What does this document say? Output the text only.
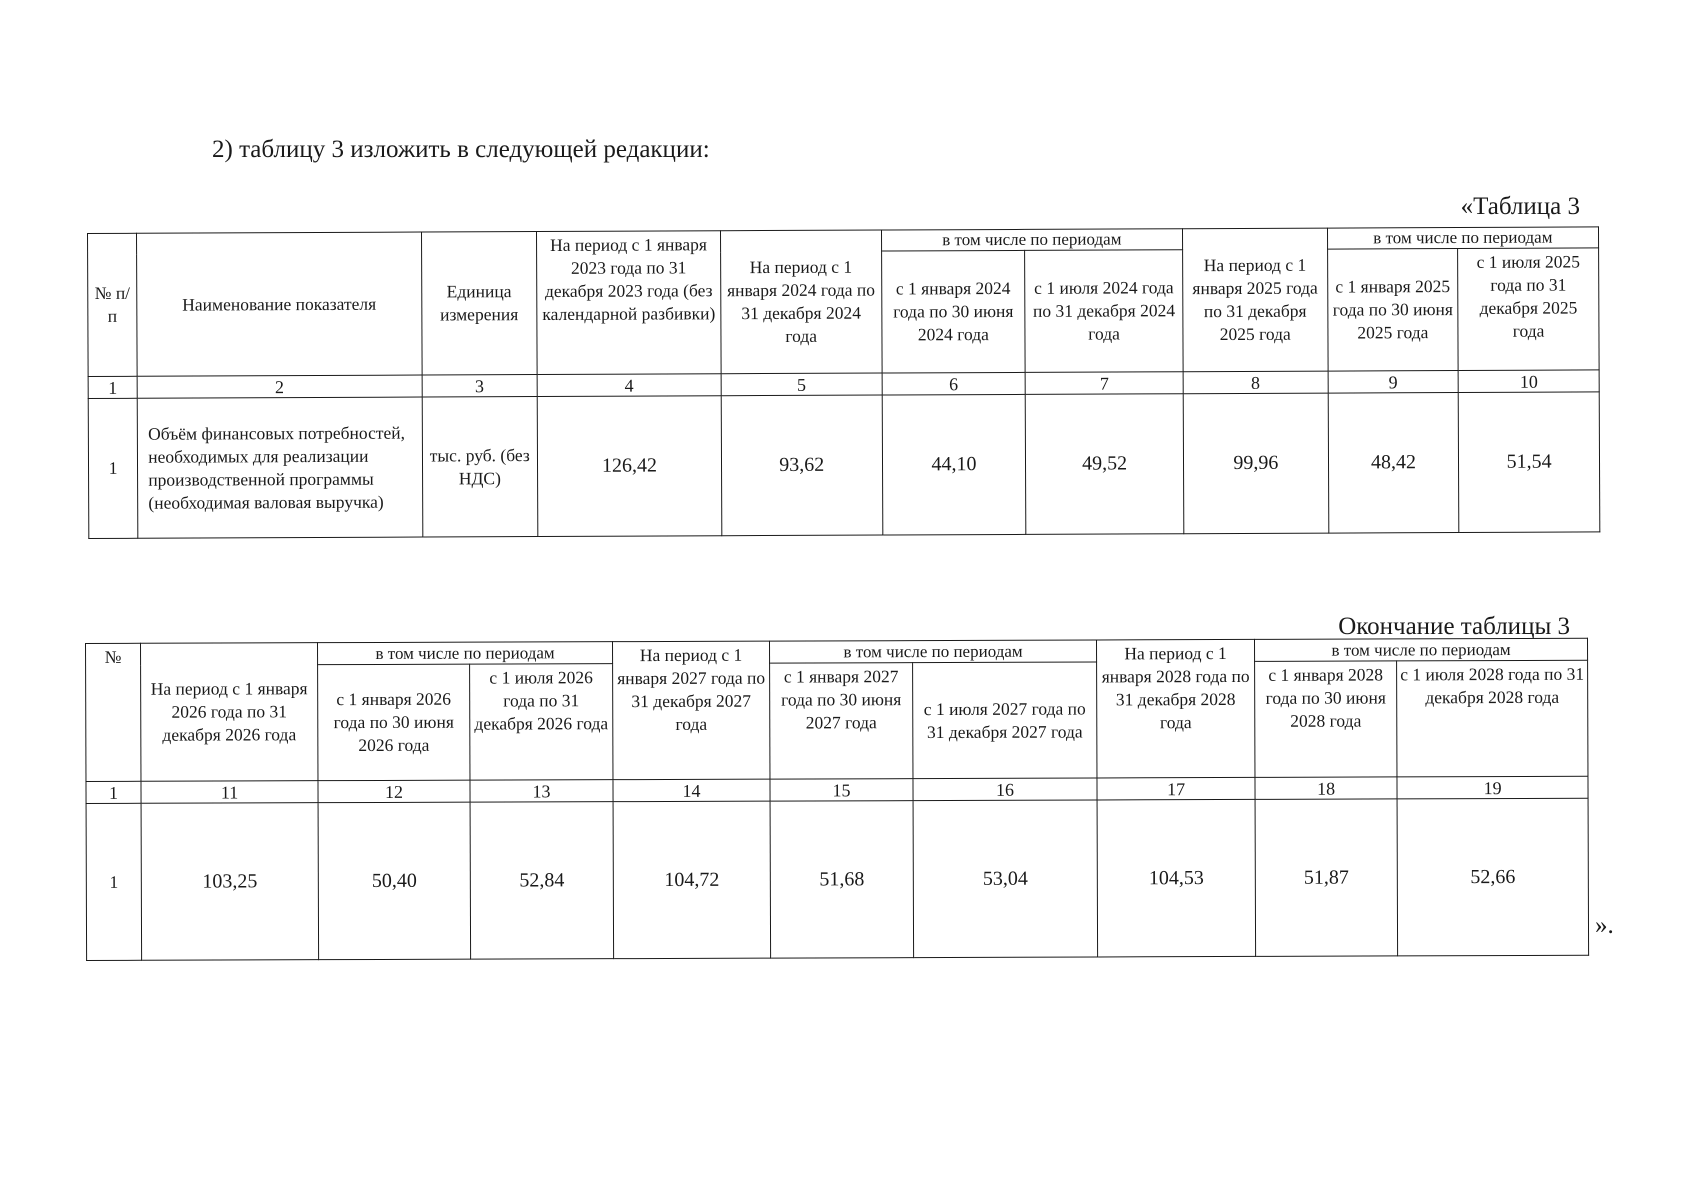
2) таблицу 3 изложить в следующей редакции:
«Таблица 3
№ п/п	Наименование показателя	Единица измерения	На период с 1 января 2023 года по 31 декабря 2023 года (без календарной разбивки)	На период с 1 января 2024 года по 31 декабря 2024 года	в том числе по периодам		На период с 1 января 2025 года по 31 декабря 2025 года	в том числе по периодам	
					с 1 января 2024 года по 30 июня 2024 года	с 1 июля 2024 года по 31 декабря 2024 года		с 1 января 2025 года по 30 июня 2025 года	с 1 июля 2025 года по 31 декабря 2025 года
1	2	3	4	5	6	7	8	9	10
1	Объём финансовых потребностей, необходимых для реализации производственной программы (необходимая валовая выручка)	тыс. руб. (без НДС)	126,42	93,62	44,10	49,52	99,96	48,42	51,54
Окончание таблицы 3
№	На период с 1 января 2026 года по 31 декабря 2026 года	в том числе по периодам		На период с 1 января 2027 года по 31 декабря 2027 года	в том числе по периодам		На период с 1 января 2028 года по 31 декабря 2028 года	в том числе по периодам	
		с 1 января 2026 года по 30 июня 2026 года	с 1 июля 2026 года по 31 декабря 2026 года		с 1 января 2027 года по 30 июня 2027 года	с 1 июля 2027 года по 31 декабря 2027 года		с 1 января 2028 года по 30 июня 2028 года	с 1 июля 2028 года по 31 декабря 2028 года
1	11	12	13	14	15	16	17	18	19
1	103,25	50,40	52,84	104,72	51,68	53,04	104,53	51,87	52,66
».
